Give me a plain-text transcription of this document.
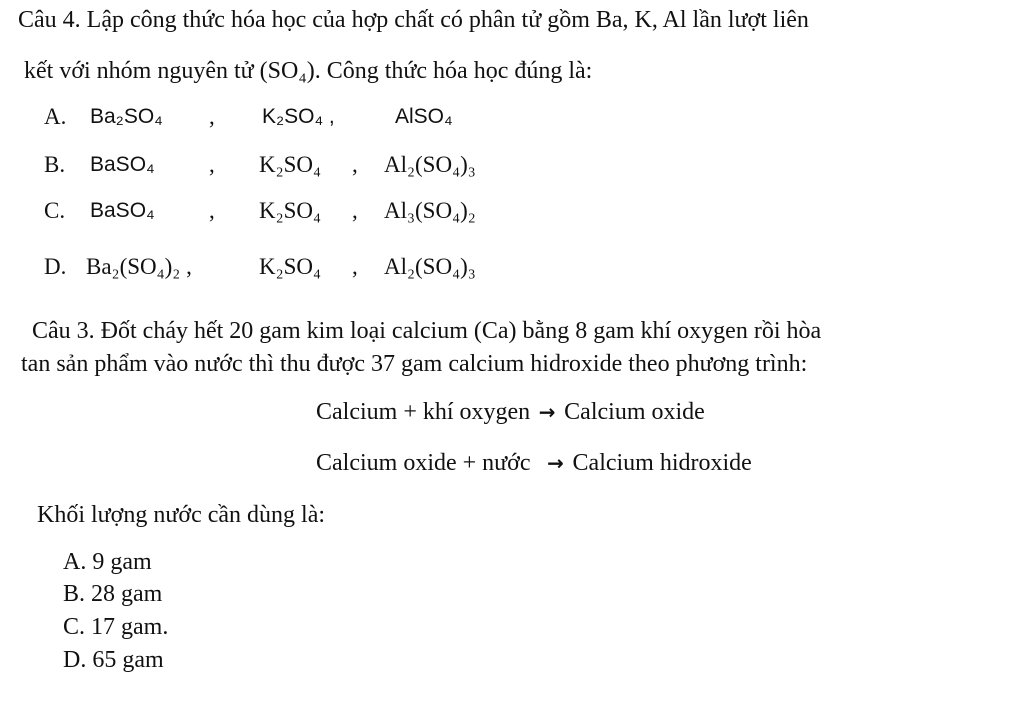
Câu 4. Lập công thức hóa học của hợp chất có phân tử gồm Ba, K, Al lần lượt liên
kết với nhóm nguyên tử (SO₄). Công thức hóa học đúng là:
A. Ba₂SO₄ , K₂SO₄ ,	AlSO₄
B. BaSO₄ , K₂SO₄ , Al₂(SO₄)₃
C. BaSO₄ , K₂SO₄ , Al₃(SO₄)₂
D. Ba₂(SO₄)₂ ,	K₂SO₄ , Al₂(SO₄)₃
Câu 3. Đốt cháy hết 20 gam kim loại calcium (Ca) bằng 8 gam khí oxygen rồi hòa
tan sản phẩm vào nước thì thu được 37 gam calcium hidroxide theo phương trình:
Calcium + khí oxygen → Calcium oxide
Calcium oxide + nước → Calcium hidroxide
Khối lượng nước cần dùng là:
A. 9 gam
B. 28 gam
C. 17 gam.
D. 65 gam
